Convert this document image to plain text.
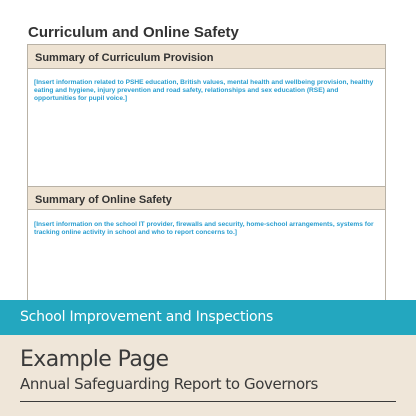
Curriculum and Online Safety
Summary of Curriculum Provision
[Insert information related to PSHE education, British values, mental health and wellbeing provision, healthy eating and hygiene, injury prevention and road safety, relationships and sex education (RSE) and opportunities for pupil voice.]
Summary of Online Safety
[Insert information on the school IT provider, firewalls and security, home-school arrangements, systems for tracking online activity in school and who to report concerns to.]
School Improvement and Inspections
Example Page
Annual Safeguarding Report to Governors
